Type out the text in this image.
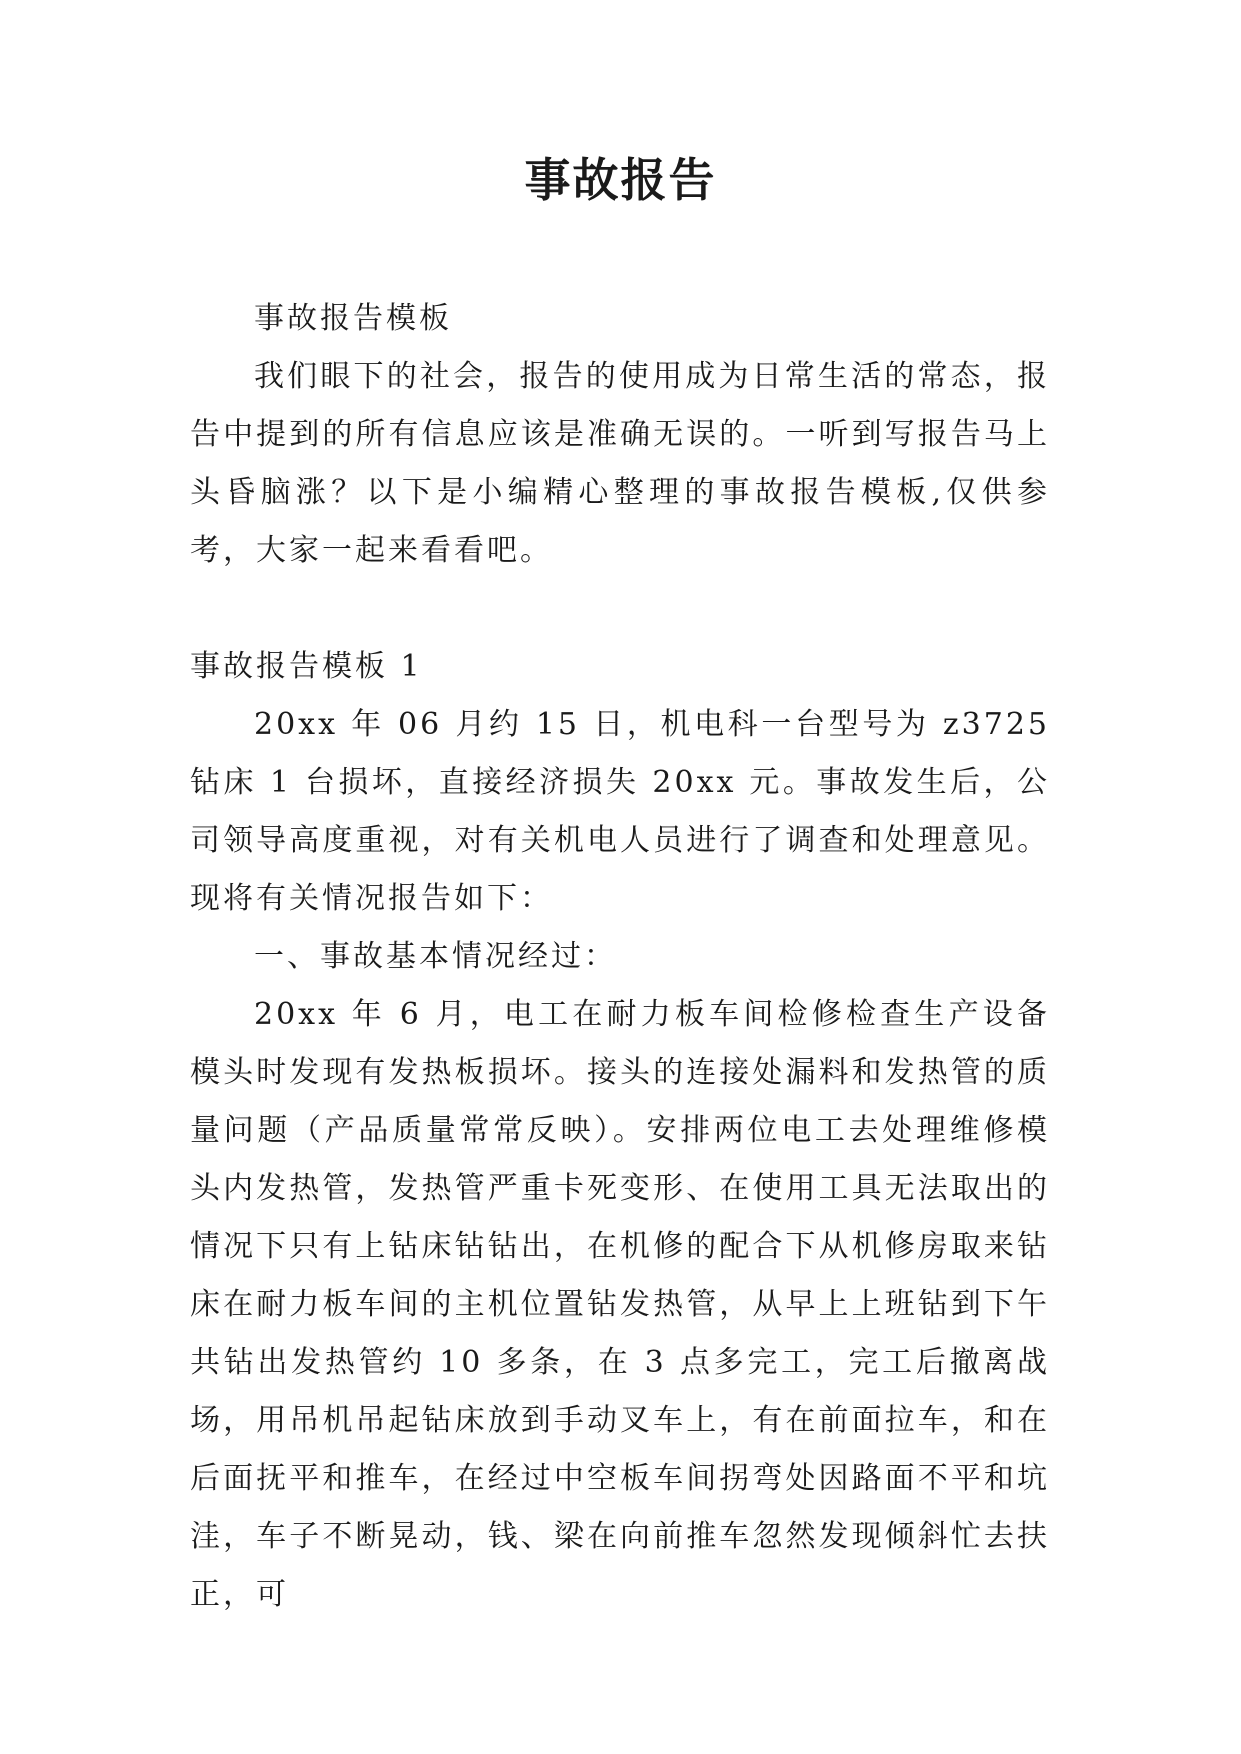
事故报告

事故报告模板

我们眼下的社会，报告的使用成为日常生活的常态，报告中提到的所有信息应该是准确无误的。一听到写报告马上头昏脑涨？以下是小编精心整理的事故报告模板,仅供参考，大家一起来看看吧。

事故报告模板 1

20xx 年 06 月约 15 日，机电科一台型号为 z3725 钻床 1 台损坏，直接经济损失 20xx 元。事故发生后，公司领导高度重视，对有关机电人员进行了调查和处理意见。现将有关情况报告如下：

一、事故基本情况经过：

20xx 年 6 月，电工在耐力板车间检修检查生产设备模头时发现有发热板损坏。接头的连接处漏料和发热管的质量问题（产品质量常常反映）。安排两位电工去处理维修模头内发热管，发热管严重卡死变形、在使用工具无法取出的情况下只有上钻床钻钻出，在机修的配合下从机修房取来钻床在耐力板车间的主机位置钻发热管，从早上上班钻到下午共钻出发热管约 10 多条，在 3 点多完工，完工后撤离战场，用吊机吊起钻床放到手动叉车上，有在前面拉车，和在后面抚平和推车，在经过中空板车间拐弯处因路面不平和坑洼，车子不断晃动，钱、梁在向前推车忽然发现倾斜忙去扶正，可
